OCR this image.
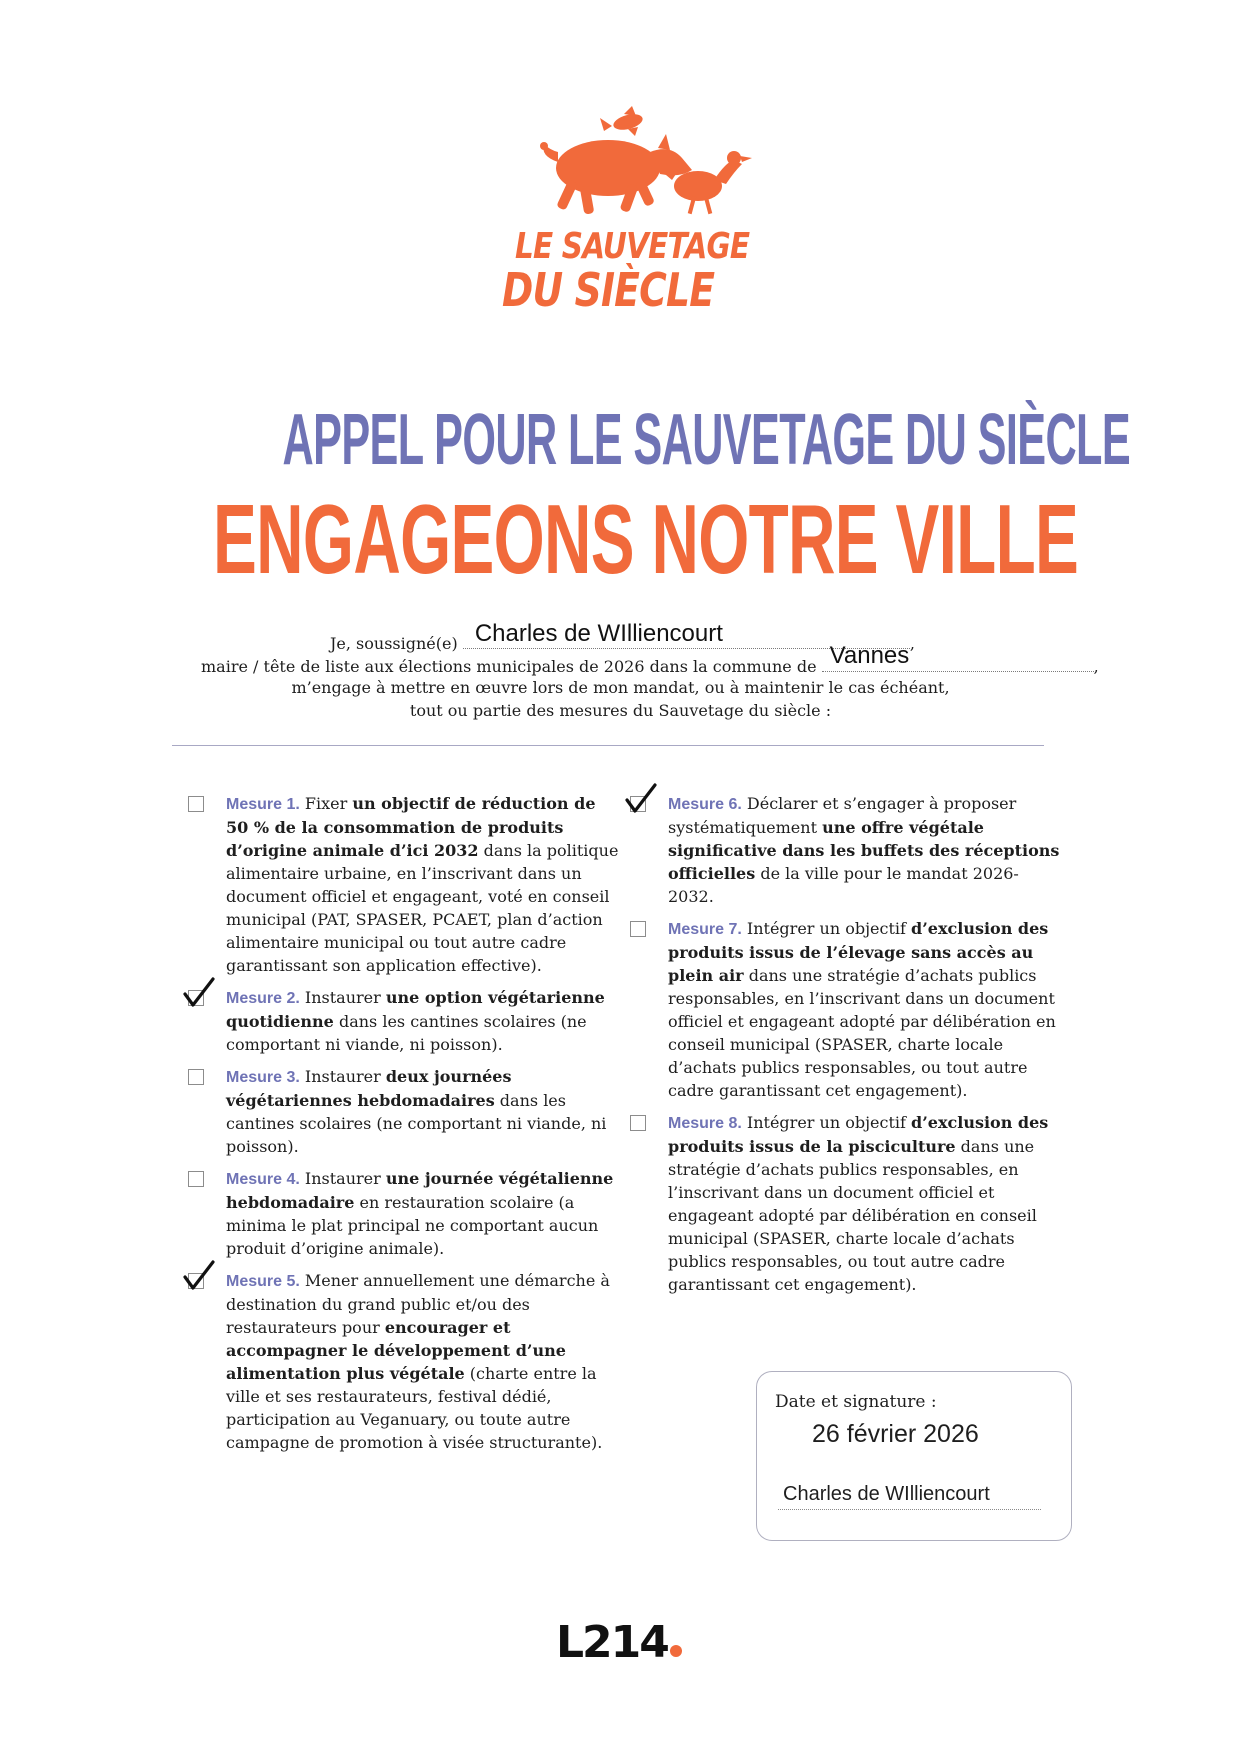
LE SAUVETAGE
DU SIÈCLE
APPEL POUR LE SAUVETAGE DU SIÈCLE
ENGAGEONS NOTRE VILLE
Je, soussigné(e) Charles de WIlliencourt	,
maire / tête de liste aux élections municipales de 2026 dans la commune de Vannes	,
m’engage à mettre en œuvre lors de mon mandat, ou à maintenir le cas échéant,
tout ou partie des mesures du Sauvetage du siècle :
Mesure 1. Fixer un objectif de réduction de 50 % de la consommation de produits d’origine animale d’ici 2032 dans la politique alimentaire urbaine, en l’inscrivant dans un document officiel et engageant, voté en conseil municipal (PAT, SPASER, PCAET, plan d’action alimentaire municipal ou tout autre cadre garantissant son application effective).
Mesure 2. Instaurer une option végétarienne quotidienne dans les cantines scolaires (ne comportant ni viande, ni poisson).
Mesure 3. Instaurer deux journées végétariennes hebdomadaires dans les cantines scolaires (ne comportant ni viande, ni poisson).
Mesure 4. Instaurer une journée végétalienne hebdomadaire en restauration scolaire (a minima le plat principal ne comportant aucun produit d’origine animale).
Mesure 5. Mener annuellement une démarche à destination du grand public et/ou des restaurateurs pour encourager et accompagner le développement d’une alimentation plus végétale (charte entre la ville et ses restaurateurs, festival dédié, participation au Veganuary, ou toute autre campagne de promotion à visée structurante).
Mesure 6. Déclarer et s’engager à proposer systématiquement une offre végétale significative dans les buffets des réceptions officielles de la ville pour le mandat 2026-2032.
Mesure 7. Intégrer un objectif d’exclusion des produits issus de l’élevage sans accès au plein air dans une stratégie d’achats publics responsables, en l’inscrivant dans un document officiel et engageant adopté par délibération en conseil municipal (SPASER, charte locale d’achats publics responsables, ou tout autre cadre garantissant cet engagement).
Mesure 8. Intégrer un objectif d’exclusion des produits issus de la pisciculture dans une stratégie d’achats publics responsables, en l’inscrivant dans un document officiel et engageant adopté par délibération en conseil municipal (SPASER, charte locale d’achats publics responsables, ou tout autre cadre garantissant cet engagement).
Date et signature :
26 février 2026
Charles de WIlliencourt
L214
